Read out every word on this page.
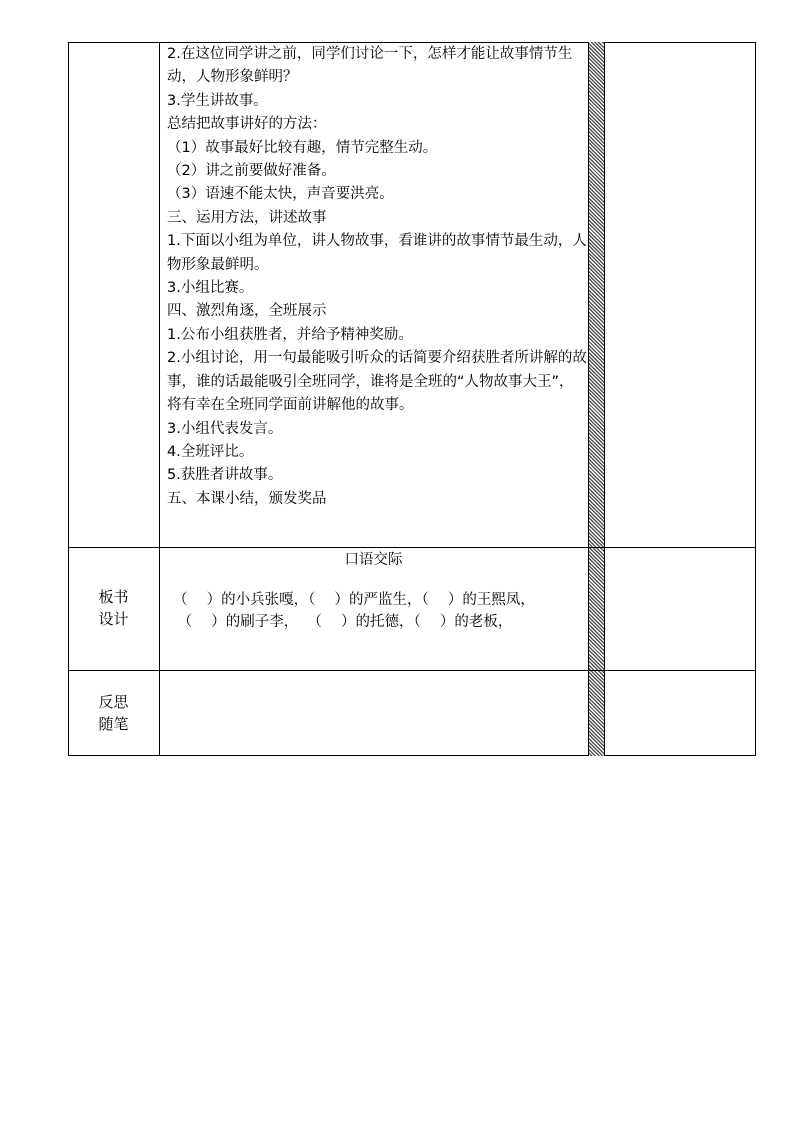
2.在这位同学讲之前，同学们讨论一下，怎样才能让故事情节生动，人物形象鲜明？

3.学生讲故事。

总结把故事讲好的方法：

（1）故事最好比较有趣，情节完整生动。

（2）讲之前要做好准备。

（3）语速不能太快，声音要洪亮。

三、运用方法，讲述故事

1.下面以小组为单位，讲人物故事，看谁讲的故事情节最生动，人物形象最鲜明。

3.小组比赛。

四、激烈角逐，全班展示

1.公布小组获胜者，并给予精神奖励。

2.小组讨论，用一句最能吸引听众的话简要介绍获胜者所讲解的故事，谁的话最能吸引全班同学，谁将是全班的“人物故事大王”，将有幸在全班同学面前讲解他的故事。

3.小组代表发言。

4.全班评比。

5.获胜者讲故事。

五、本课小结，颁发奖品

板书
设计
口语交际
（　 ）的小兵张嘎，（　 ）的严监生，（　 ）的王熙凤，
（　 ）的刷子李，  （　 ）的托德，（　 ）的老板，
反思
随笔
